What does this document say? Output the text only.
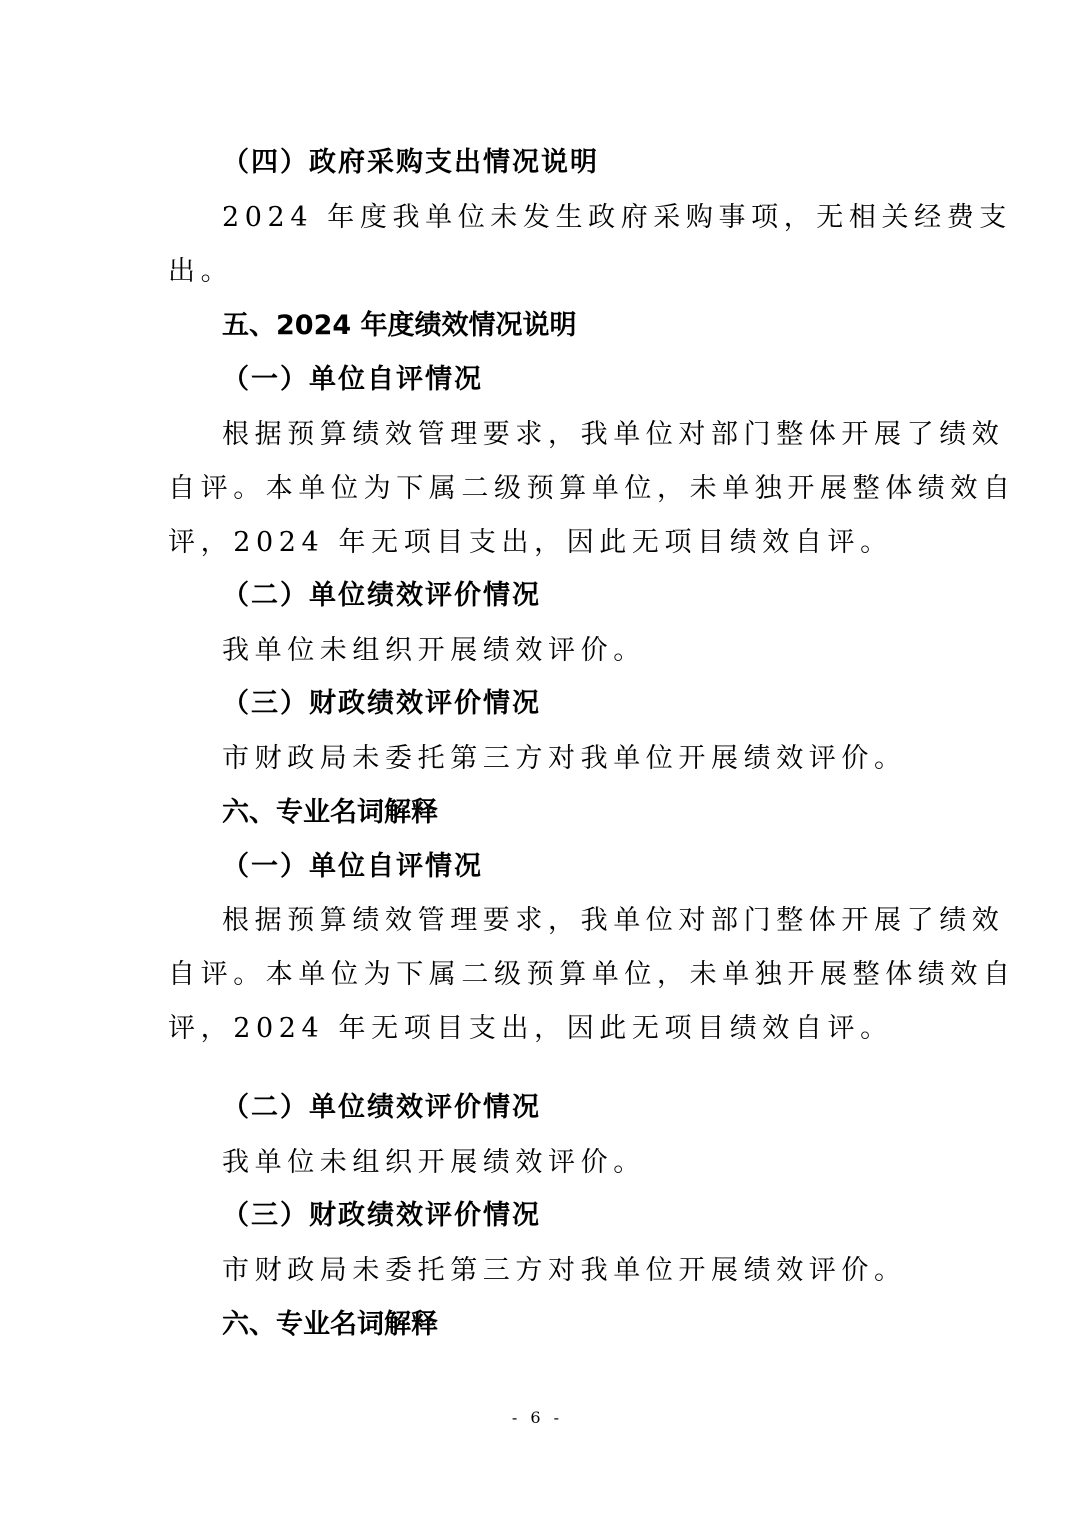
（四）政府采购支出情况说明
2024 年度我单位未发生政府采购事项，无相关经费支
出。
五、2024 年度绩效情况说明
（一）单位自评情况
根据预算绩效管理要求，我单位对部门整体开展了绩效
自评。本单位为下属二级预算单位，未单独开展整体绩效自
评，2024 年无项目支出，因此无项目绩效自评。
（二）单位绩效评价情况
我单位未组织开展绩效评价。
（三）财政绩效评价情况
市财政局未委托第三方对我单位开展绩效评价。
六、专业名词解释
（一）单位自评情况
根据预算绩效管理要求，我单位对部门整体开展了绩效
自评。本单位为下属二级预算单位，未单独开展整体绩效自
评，2024 年无项目支出，因此无项目绩效自评。
（二）单位绩效评价情况
我单位未组织开展绩效评价。
（三）财政绩效评价情况
市财政局未委托第三方对我单位开展绩效评价。
六、专业名词解释
- 6 -
